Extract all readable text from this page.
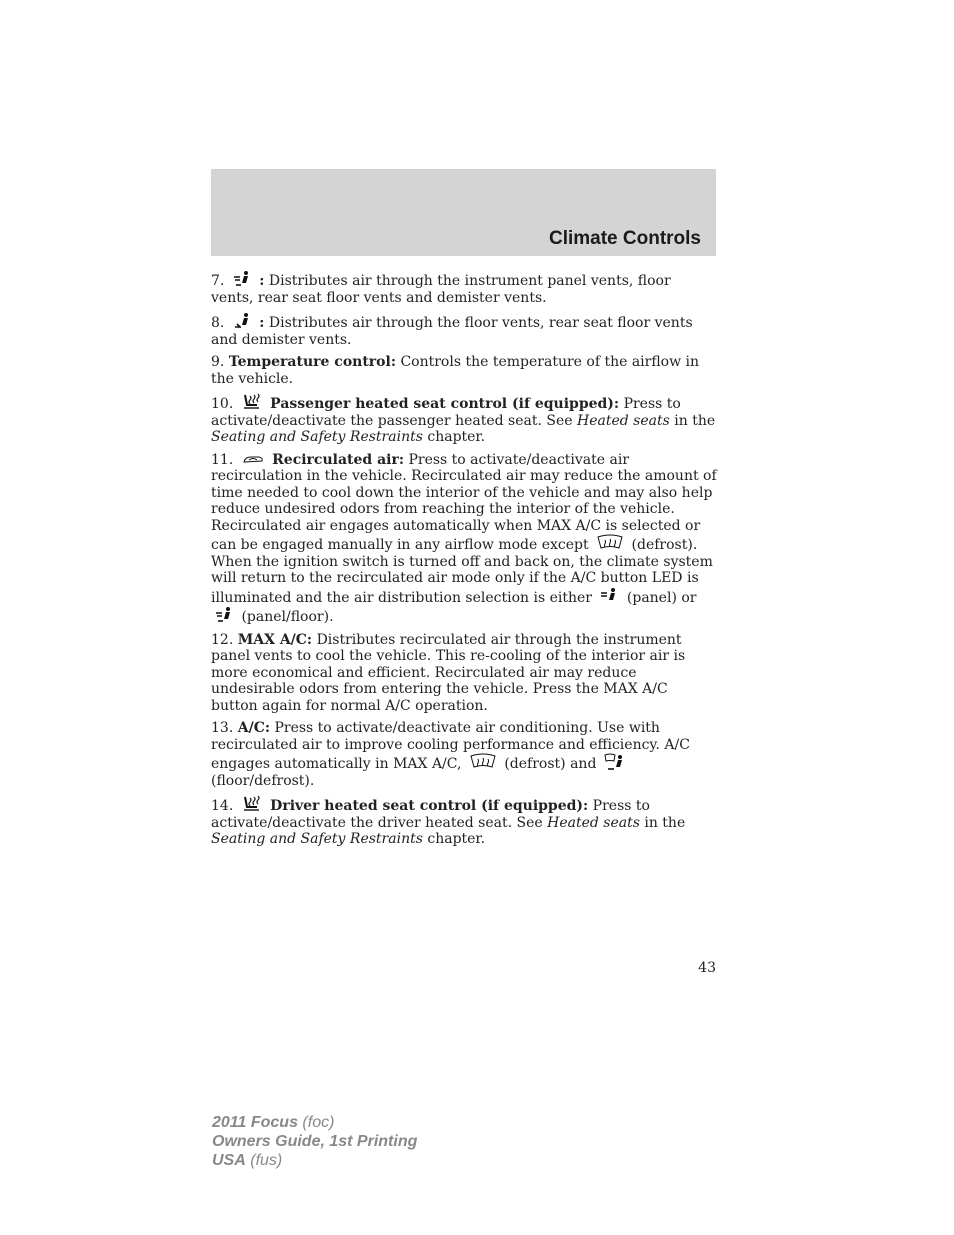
Climate Controls
7. : Distributes air through the instrument panel vents, floor vents, rear seat floor vents and demister vents.
8. : Distributes air through the floor vents, rear seat floor vents and demister vents.
9. Temperature control: Controls the temperature of the airflow in the vehicle.
10.	Passenger heated seat control (if equipped): Press to activate/deactivate the passenger heated seat. See Heated seats in the Seating and Safety Restraints chapter.
11.	Recirculated air: Press to activate/deactivate air recirculation in the vehicle. Recirculated air may reduce the amount of time needed to cool down the interior of the vehicle and may also help reduce undesired odors from reaching the interior of the vehicle. Recirculated air engages automatically when MAX A/C is selected or can be engaged manually in any airflow mode except	(defrost). When the ignition switch is turned off and back on, the climate system will return to the recirculated air mode only if the A/C button LED is illuminated and the air distribution selection is either (panel) or  (panel/floor).
12. MAX A/C: Distributes recirculated air through the instrument panel vents to cool the vehicle. This re-cooling of the interior air is more economical and efficient. Recirculated air may reduce undesirable odors from entering the vehicle. Press the MAX A/C button again for normal A/C operation.
13. A/C: Press to activate/deactivate air conditioning. Use with recirculated air to improve cooling performance and efficiency. A/C engages automatically in MAX A/C,	(defrost) and  (floor/defrost).
14.	Driver heated seat control (if equipped): Press to activate/deactivate the driver heated seat. See Heated seats in the Seating and Safety Restraints chapter.
43
2011 Focus (foc)
Owners Guide, 1st Printing
USA (fus)
